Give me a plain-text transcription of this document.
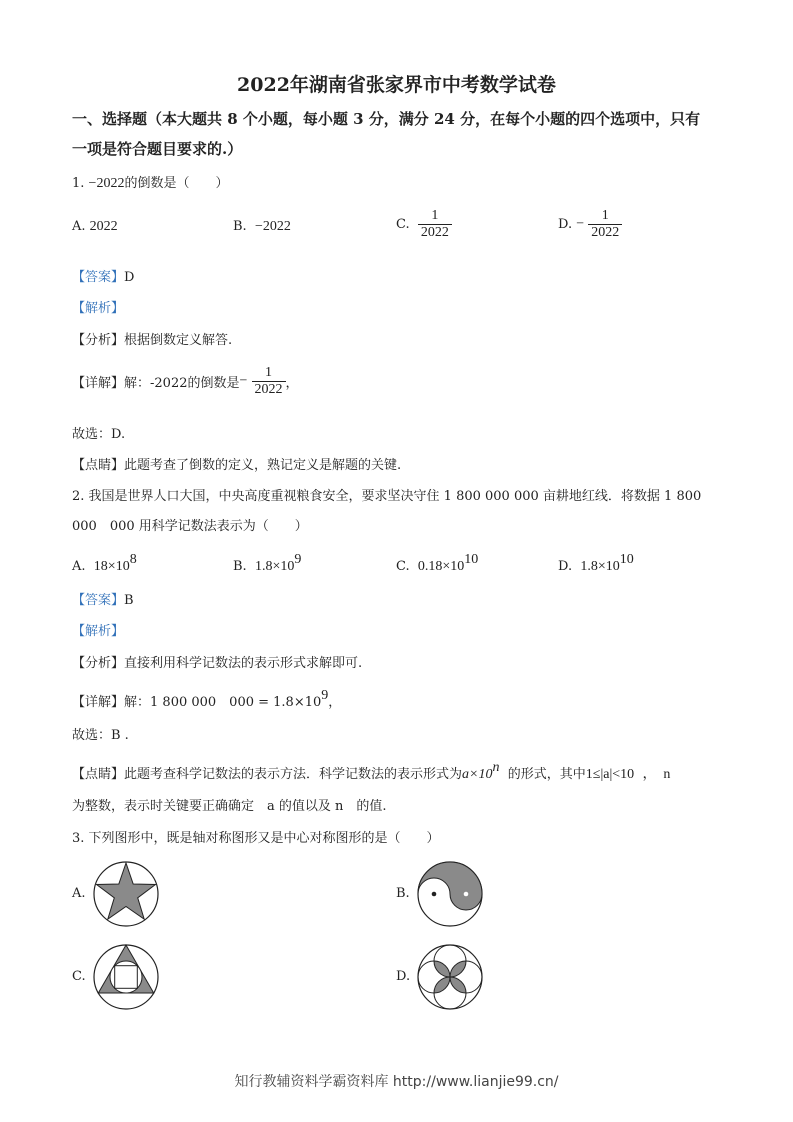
2022年湖南省张家界市中考数学试卷
一、选择题（本大题共 8 个小题，每小题 3 分，满分 24 分，在每个小题的四个选项中，只有
一项是符合题目要求的.）
1. −2022的倒数是（　　）
A. 2022	B. −2022	C. $\frac{1}{2022}$	D. − $\frac{1}{2022}$
【答案】D
【解析】
【分析】根据倒数定义解答.
【详解】解：-2022的倒数是− $\frac{1}{2022}$ ，
故选：D.
【点睛】此题考查了倒数的定义，熟记定义是解题的关键.
2. 我国是世界人口大国，中央高度重视粮食安全，要求坚决守住 1 800 000 000 亩耕地红线．将数据 1 800
000　000 用科学记数法表示为（　　）
A. $18\times 10^8$	B. $1.8\times 10^9$	C. $0.18\times 10^{10}$	D. $1.8\times 10^{10}$
【答案】B
【解析】
【分析】直接利用科学记数法的表示形式求解即可.
【详解】解：1 800 000　$000 = 1.8\times 10^9$，
故选：B .
【点睛】此题考查科学记数法的表示方法．科学记数法的表示形式为$a\times 10^n$ 的形式，其中1≤|a|<10 ，　n
为整数，表示时关键要正确确定　a 的值以及 n　的值.
3. 下列图形中，既是轴对称图形又是中心对称图形的是（　　）
A.	B.
C.	D.
知行教辅资料学霸资料库 http://www.lianjie99.cn/
